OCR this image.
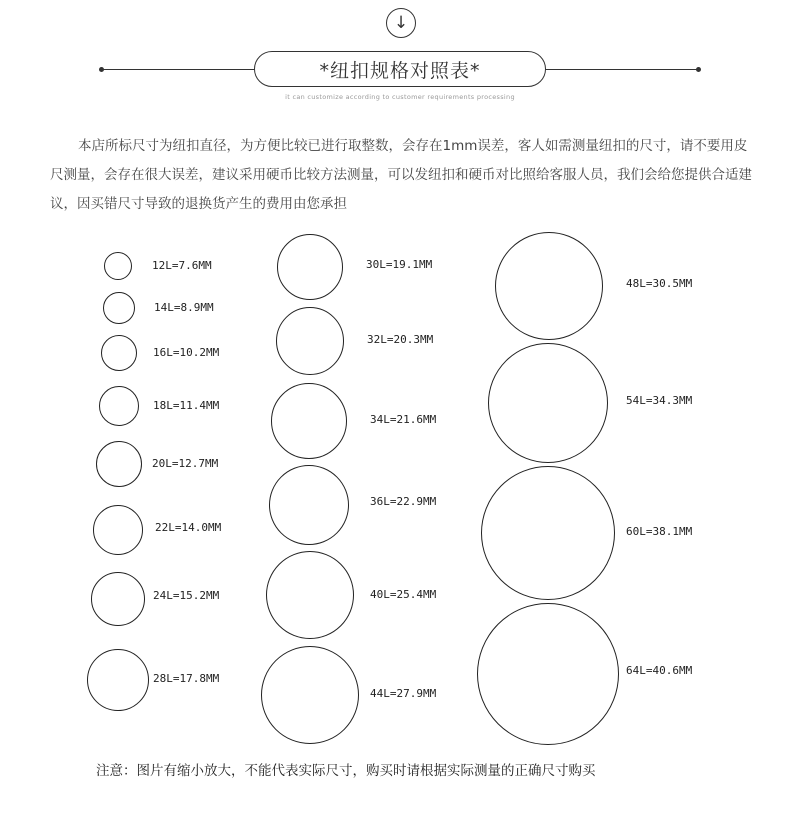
↓
*纽扣规格对照表*
it can customize according to customer requirements processing

本店所标尺寸为纽扣直径，为方便比较已进行取整数，会存在1mm误差，客人如需测量纽扣的尺寸，请不要用皮尺测量，会存在很大误差，建议采用硬币比较方法测量，可以发纽扣和硬币对比照给客服人员，我们会给您提供合适建议，因买错尺寸导致的退换货产生的费用由您承担

12L=7.6MM
14L=8.9MM
16L=10.2MM
18L=11.4MM
20L=12.7MM
22L=14.0MM
24L=15.2MM
28L=17.8MM
30L=19.1MM
32L=20.3MM
34L=21.6MM
36L=22.9MM
40L=25.4MM
44L=27.9MM
48L=30.5MM
54L=34.3MM
60L=38.1MM
64L=40.6MM
注意：图片有缩小放大，不能代表实际尺寸，购买时请根据实际测量的正确尺寸购买
